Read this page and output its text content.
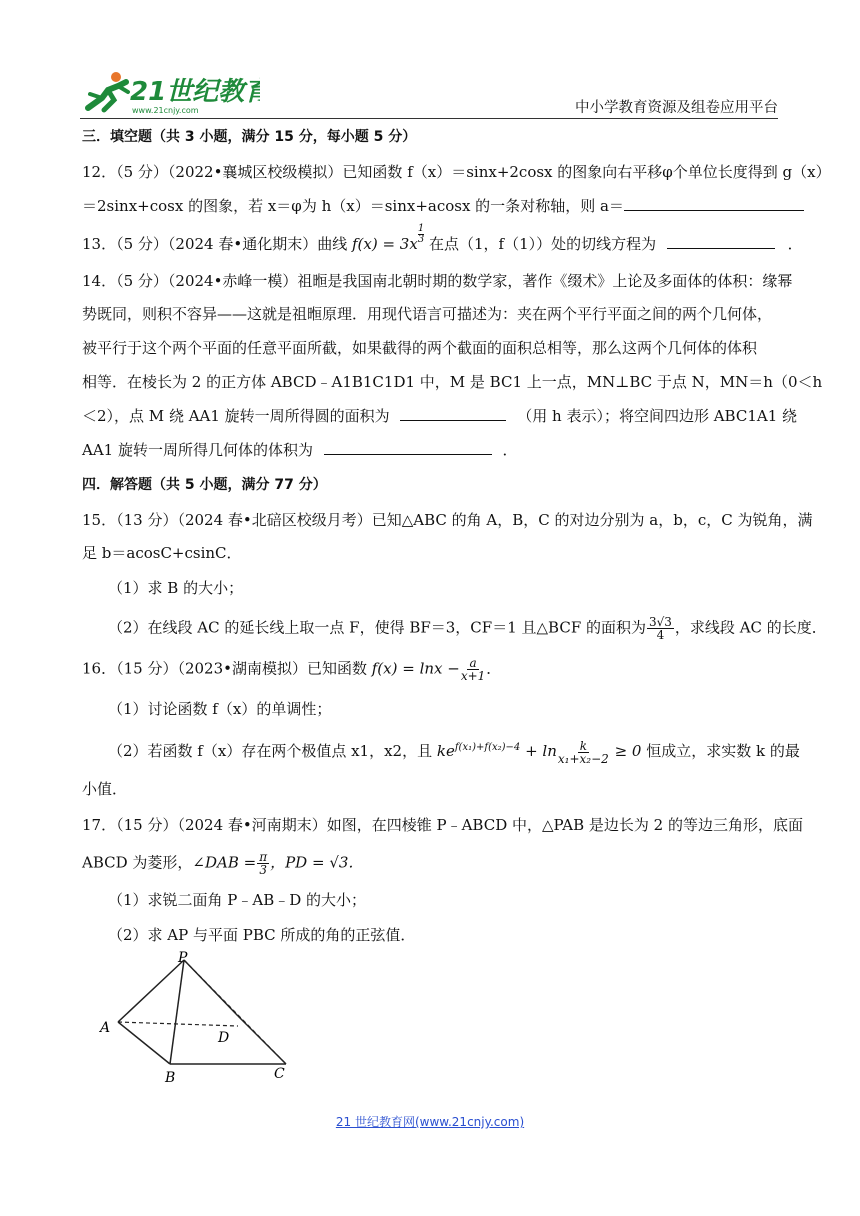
21世纪教育
www.21cnjy.com	中小学教育资源及组卷应用平台
三．填空题（共 3 小题，满分 15 分，每小题 5 分）
12．（5 分）（2022•襄城区校级模拟）已知函数 f（x）＝sinx+2cosx 的图象向右平移φ个单位长度得到 g（x）
＝2sinx+cosx 的图象，若 x＝φ为 h（x）＝sinx+acosx 的一条对称轴，则 a＝
13．（5 分）（2024 春•通化期末）曲线 f(x) = 3x $^{\frac{1}{3}}$ 在点（1，f（1））处的切线方程为	．
14．（5 分）（2024•赤峰一模）祖暅是我国南北朝时期的数学家，著作《缀术》上论及多面体的体积：缘幂
势既同，则积不容异——这就是祖暅原理．用现代语言可描述为：夹在两个平行平面之间的两个几何体，
被平行于这个两个平面的任意平面所截，如果截得的两个截面的面积总相等，那么这两个几何体的体积
相等．在棱长为 2 的正方体 ABCD﹣A1B1C1D1 中，M 是 BC1 上一点，MN⊥BC 于点 N，MN＝h（0＜h
＜2），点 M 绕 AA1 旋转一周所得圆的面积为	（用 h 表示）；将空间四边形 ABC1A1 绕
AA1 旋转一周所得几何体的体积为	．
四．解答题（共 5 小题，满分 77 分）
15．（13 分）（2024 春•北碚区校级月考）已知△ABC 的角 A，B，C 的对边分别为 a，b，c，C 为锐角，满
足 b＝acosC+csinC．
（1）求 B 的大小；
（2）在线段 AC 的延长线上取一点 F，使得 BF＝3，CF＝1 且△BCF 的面积为 $\frac{3√3}{4}$ ，求线段 AC 的长度．
16．（15 分）（2023•湖南模拟）已知函数 $f(x) = \ln x - \frac{a}{x+1}$ ．
（1）讨论函数 f（x）的单调性；
（2）若函数 f（x）存在两个极值点 x1，x2，且 $ke^{f(x_1)+f(x_2)-4} + \ln \frac{k}{\text{x₁+x₂−2}} \ge 0$ 恒成立，求实数 k 的最
小值．
17．（15 分）（2024 春•河南期末）如图，在四棱锥 P﹣ABCD 中，△PAB 是边长为 2 的等边三角形，底面
ABCD 为菱形，∠DAB = $\frac{\pi}{3}$ ，PD = √3．
（1）求锐二面角 P﹣AB﹣D 的大小；
（2）求 AP 与平面 PBC 所成的角的正弦值．
P
A
B	C
D
21 世纪教育网(www.21cnjy.com)
